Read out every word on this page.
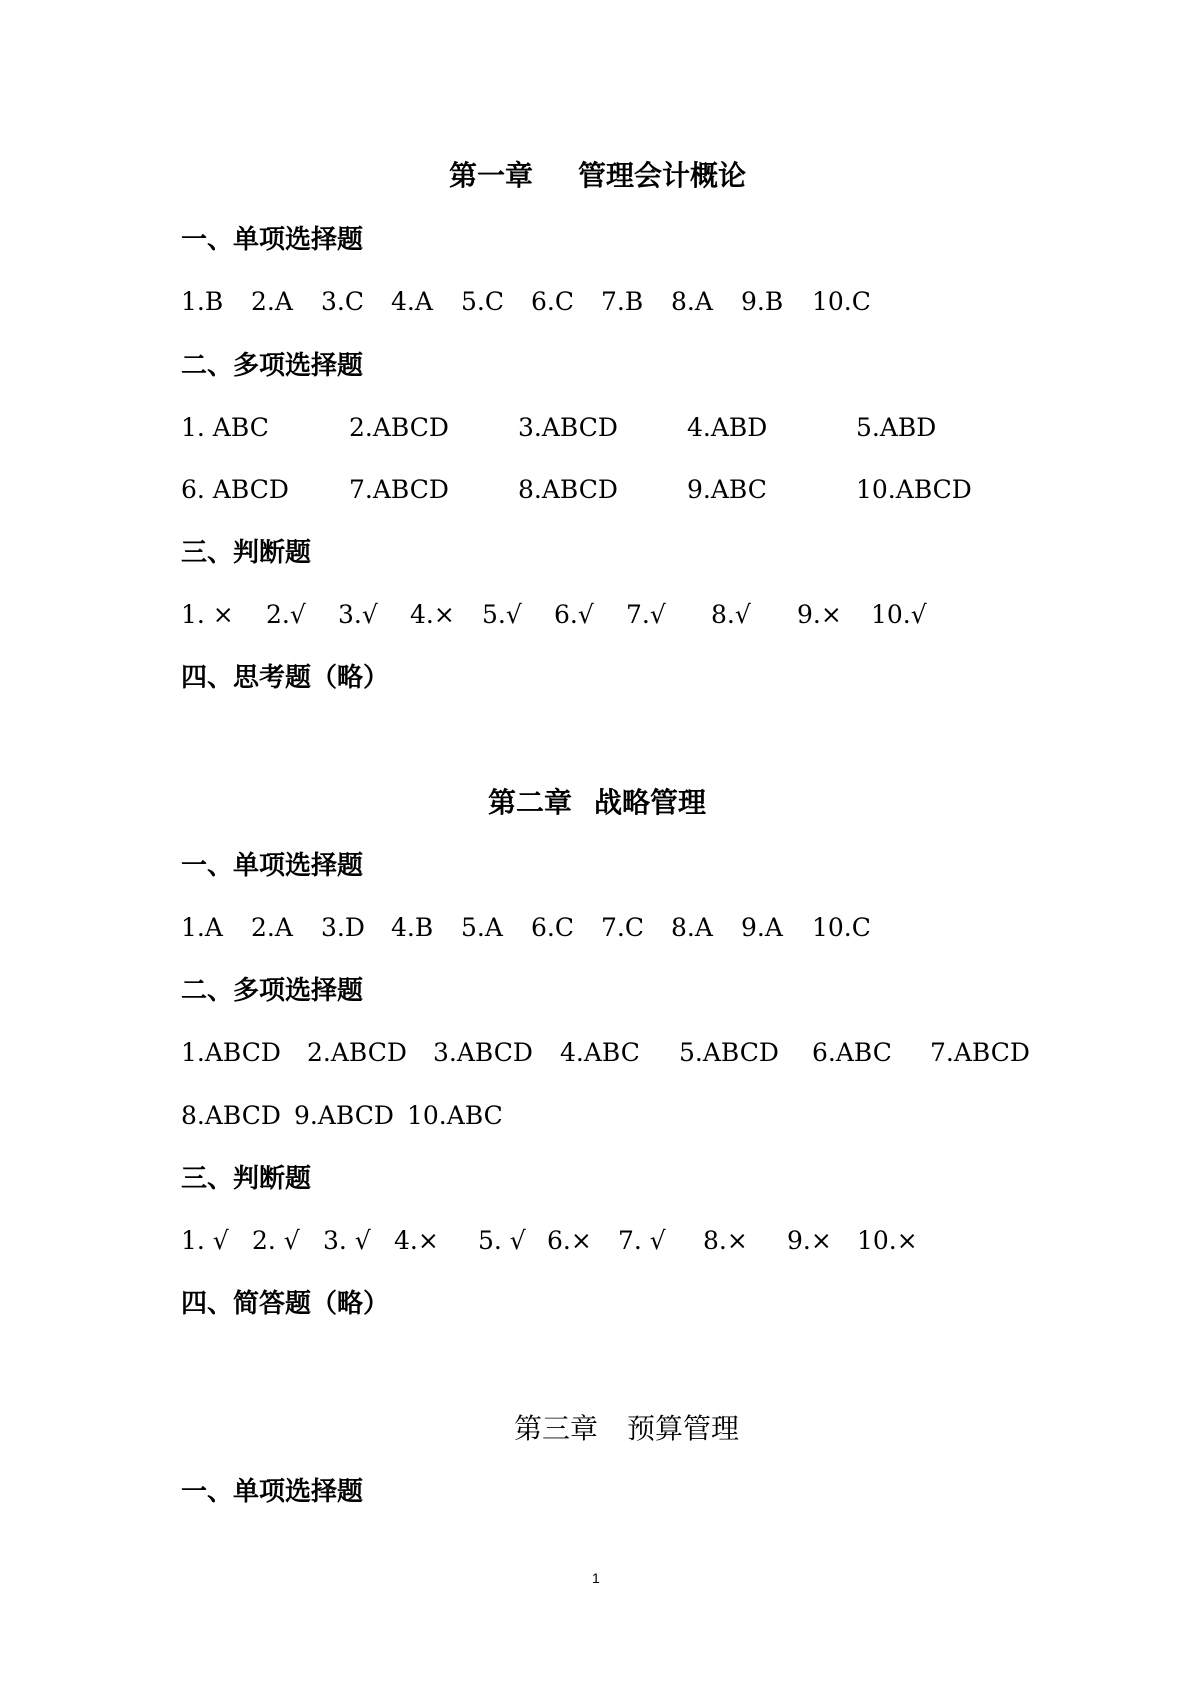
第一章 管理会计概论
一、单项选择题
1.B 2.A 3.C 4.A 5.C 6.C 7.B 8.A 9.B 10.C
二、多项选择题
1. ABC	2.ABCD	3.ABCD	4.ABD	5.ABD
6. ABCD 7.ABCD	8.ABCD	9.ABC	10.ABCD
三、判断题
1. × 2.√ 3.√ 4.× 5.√ 6.√ 7.√ 8.√ 9.× 10.√
四、思考题（略）
第二章 战略管理
一、单项选择题
1.A 2.A 3.D 4.B 5.A 6.C 7.C 8.A 9.A 10.C
二、多项选择题
1.ABCD 2.ABCD 3.ABCD 4.ABC 5.ABCD 6.ABC 7.ABCD
8.ABCD 9.ABCD 10.ABC
三、判断题
1. √ 2. √ 3. √ 4.× 5. √ 6.× 7. √ 8.× 9.× 10.×
四、简答题（略）
第三章 预算管理
一、单项选择题
1
